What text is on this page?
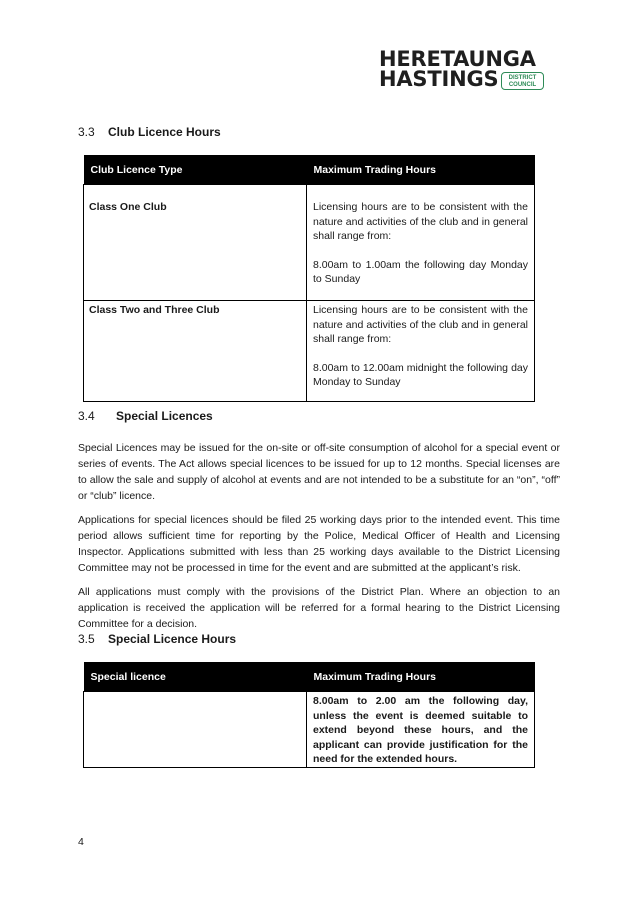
HERETAUNGA
HASTINGS	DISTRICT
COUNCIL
3.3 Club Licence Hours
Club Licence Type	Maximum Trading Hours
Class One Club	Licensing hours are to be consistent with the nature and activities of the club and in general shall range from:

8.00am to 1.00am the following day Monday to Sunday

Class Two and Three Club	Licensing hours are to be consistent with the nature and activities of the club and in general shall range from:

8.00am to 12.00am midnight the following day Monday to Sunday

3.4 Special Licences

Special Licences may be issued for the on-site or off-site consumption of alcohol for a special event or series of events. The Act allows special licences to be issued for up to 12 months. Special licenses are to allow the sale and supply of alcohol at events and are not intended to be a substitute for an “on”, “off” or “club” licence.

Applications for special licences should be filed 25 working days prior to the intended event. This time period allows sufficient time for reporting by the Police, Medical Officer of Health and Licensing Inspector. Applications submitted with less than 25 working days available to the District Licensing Committee may not be processed in time for the event and are submitted at the applicant’s risk.

All applications must comply with the provisions of the District Plan. Where an objection to an application is received the application will be referred for a formal hearing to the District Licensing Committee for a decision.

3.5 Special Licence Hours
Special licence	Maximum Trading Hours

	8.00am to 2.00 am the following day, unless the event is deemed suitable to extend beyond these hours, and the applicant can provide justification for the need for the extended hours.

4
